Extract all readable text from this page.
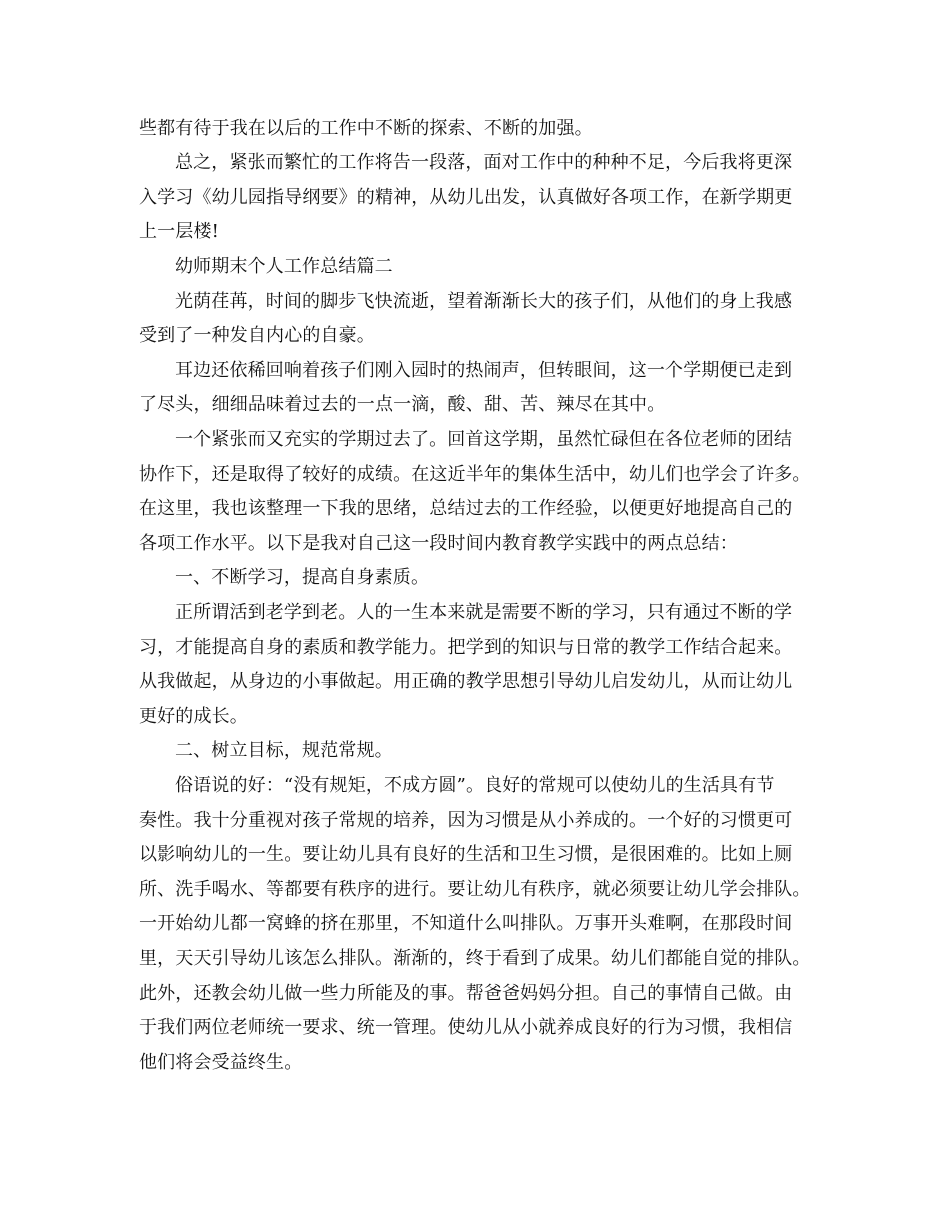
些都有待于我在以后的工作中不断的探索、不断的加强。
总之，紧张而繁忙的工作将告一段落，面对工作中的种种不足，今后我将更深
入学习《幼儿园指导纲要》的精神，从幼儿出发，认真做好各项工作，在新学期更
上一层楼!
幼师期末个人工作总结篇二
光荫荏苒，时间的脚步飞快流逝，望着渐渐长大的孩子们，从他们的身上我感
受到了一种发自内心的自豪。
耳边还依稀回响着孩子们刚入园时的热闹声，但转眼间，这一个学期便已走到
了尽头，细细品味着过去的一点一滴，酸、甜、苦、辣尽在其中。
一个紧张而又充实的学期过去了。回首这学期，虽然忙碌但在各位老师的团结
协作下，还是取得了较好的成绩。在这近半年的集体生活中，幼儿们也学会了许多。
在这里，我也该整理一下我的思绪，总结过去的工作经验，以便更好地提高自己的
各项工作水平。以下是我对自己这一段时间内教育教学实践中的两点总结：
一、不断学习，提高自身素质。
正所谓活到老学到老。人的一生本来就是需要不断的学习，只有通过不断的学
习，才能提高自身的素质和教学能力。把学到的知识与日常的教学工作结合起来。
从我做起，从身边的小事做起。用正确的教学思想引导幼儿启发幼儿，从而让幼儿
更好的成长。
二、树立目标，规范常规。
俗语说的好：“没有规矩，不成方圆”。良好的常规可以使幼儿的生活具有节
奏性。我十分重视对孩子常规的培养，因为习惯是从小养成的。一个好的习惯更可
以影响幼儿的一生。要让幼儿具有良好的生活和卫生习惯，是很困难的。比如上厕
所、洗手喝水、等都要有秩序的进行。要让幼儿有秩序，就必须要让幼儿学会排队。
一开始幼儿都一窝蜂的挤在那里，不知道什么叫排队。万事开头难啊，在那段时间
里，天天引导幼儿该怎么排队。渐渐的，终于看到了成果。幼儿们都能自觉的排队。
此外，还教会幼儿做一些力所能及的事。帮爸爸妈妈分担。自己的事情自己做。由
于我们两位老师统一要求、统一管理。使幼儿从小就养成良好的行为习惯，我相信
他们将会受益终生。
